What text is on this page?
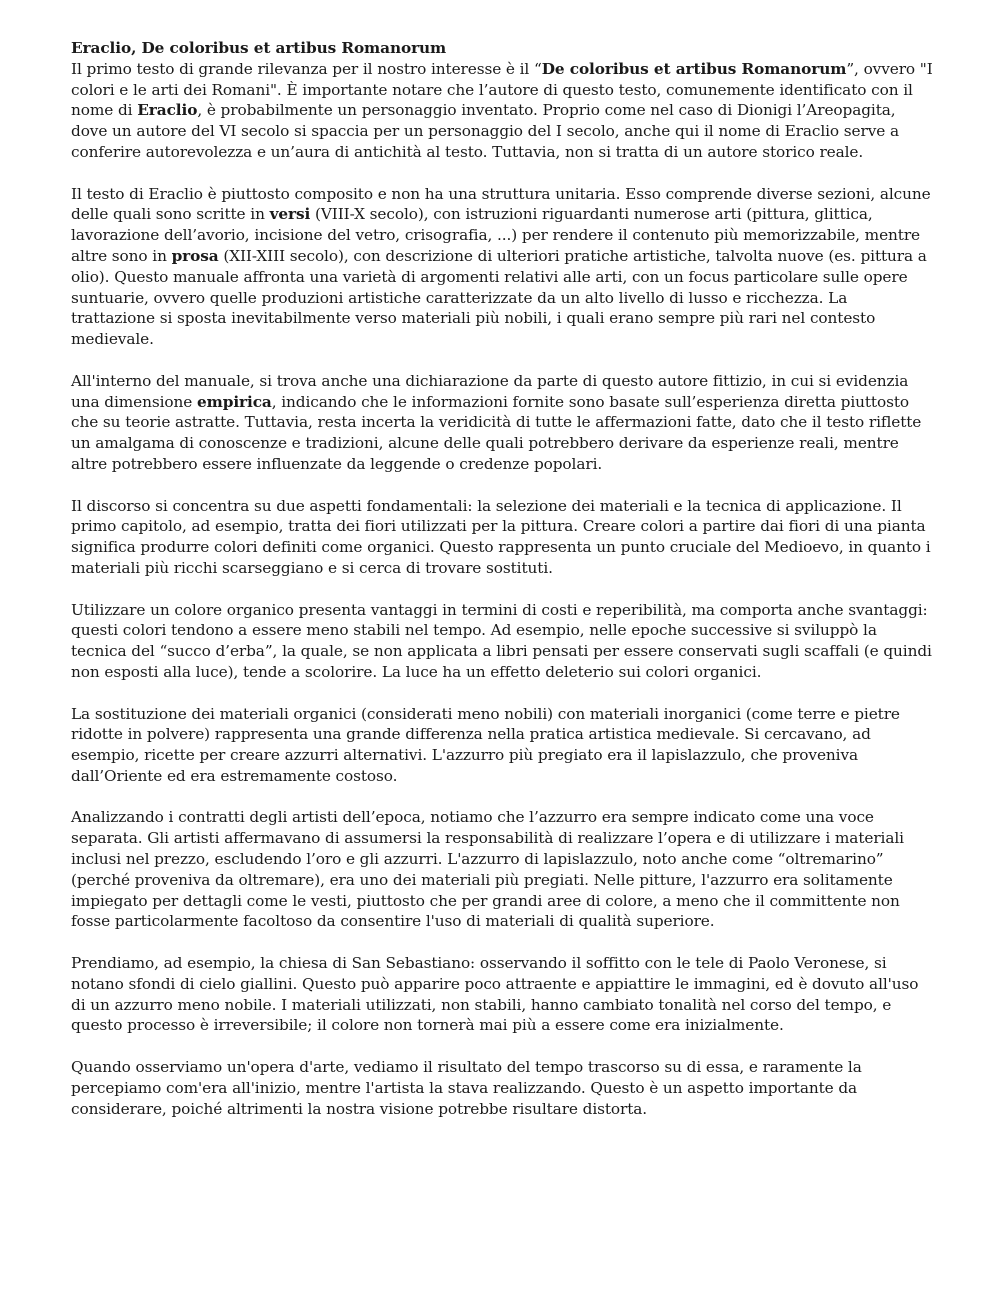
Eraclio, De coloribus et artibus Romanorum

Il primo testo di grande rilevanza per il nostro interesse è il “De coloribus et artibus Romanorum”, ovvero "I colori e le arti dei Romani". È importante notare che l’autore di questo testo, comunemente identificato con il nome di Eraclio, è probabilmente un personaggio inventato. Proprio come nel caso di Dionigi l’Areopagita, dove un autore del VI secolo si spaccia per un personaggio del I secolo, anche qui il nome di Eraclio serve a conferire autorevolezza e un’aura di antichità al testo. Tuttavia, non si tratta di un autore storico reale.

Il testo di Eraclio è piuttosto composito e non ha una struttura unitaria. Esso comprende diverse sezioni, alcune delle quali sono scritte in versi (VIII-X secolo), con istruzioni riguardanti numerose arti (pittura, glittica, lavorazione dell’avorio, incisione del vetro, crisografia, ...) per rendere il contenuto più memorizzabile, mentre altre sono in prosa (XII-XIII secolo), con descrizione di ulteriori pratiche artistiche, talvolta nuove (es. pittura a olio). Questo manuale affronta una varietà di argomenti relativi alle arti, con un focus particolare sulle opere suntuarie, ovvero quelle produzioni artistiche caratterizzate da un alto livello di lusso e ricchezza. La trattazione si sposta inevitabilmente verso materiali più nobili, i quali erano sempre più rari nel contesto medievale.

All'interno del manuale, si trova anche una dichiarazione da parte di questo autore fittizio, in cui si evidenzia una dimensione empirica, indicando che le informazioni fornite sono basate sull’esperienza diretta piuttosto che su teorie astratte. Tuttavia, resta incerta la veridicità di tutte le affermazioni fatte, dato che il testo riflette un amalgama di conoscenze e tradizioni, alcune delle quali potrebbero derivare da esperienze reali, mentre altre potrebbero essere influenzate da leggende o credenze popolari.

Il discorso si concentra su due aspetti fondamentali: la selezione dei materiali e la tecnica di applicazione. Il primo capitolo, ad esempio, tratta dei fiori utilizzati per la pittura. Creare colori a partire dai fiori di una pianta significa produrre colori definiti come organici. Questo rappresenta un punto cruciale del Medioevo, in quanto i materiali più ricchi scarseggiano e si cerca di trovare sostituti.

Utilizzare un colore organico presenta vantaggi in termini di costi e reperibilità, ma comporta anche svantaggi: questi colori tendono a essere meno stabili nel tempo. Ad esempio, nelle epoche successive si sviluppò la tecnica del “succo d’erba”, la quale, se non applicata a libri pensati per essere conservati sugli scaffali (e quindi non esposti alla luce), tende a scolorire. La luce ha un effetto deleterio sui colori organici.

La sostituzione dei materiali organici (considerati meno nobili) con materiali inorganici (come terre e pietre ridotte in polvere) rappresenta una grande differenza nella pratica artistica medievale. Si cercavano, ad esempio, ricette per creare azzurri alternativi. L'azzurro più pregiato era il lapislazzulo, che proveniva dall’Oriente ed era estremamente costoso.

Analizzando i contratti degli artisti dell’epoca, notiamo che l’azzurro era sempre indicato come una voce separata. Gli artisti affermavano di assumersi la responsabilità di realizzare l’opera e di utilizzare i materiali inclusi nel prezzo, escludendo l’oro e gli azzurri. L'azzurro di lapislazzulo, noto anche come “oltremarino” (perché proveniva da oltremare), era uno dei materiali più pregiati. Nelle pitture, l'azzurro era solitamente impiegato per dettagli come le vesti, piuttosto che per grandi aree di colore, a meno che il committente non fosse particolarmente facoltoso da consentire l'uso di materiali di qualità superiore.

Prendiamo, ad esempio, la chiesa di San Sebastiano: osservando il soffitto con le tele di Paolo Veronese, si notano sfondi di cielo giallini. Questo può apparire poco attraente e appiattire le immagini, ed è dovuto all'uso di un azzurro meno nobile. I materiali utilizzati, non stabili, hanno cambiato tonalità nel corso del tempo, e questo processo è irreversibile; il colore non tornerà mai più a essere come era inizialmente.

Quando osserviamo un'opera d'arte, vediamo il risultato del tempo trascorso su di essa, e raramente la percepiamo com'era all'inizio, mentre l'artista la stava realizzando. Questo è un aspetto importante da considerare, poiché altrimenti la nostra visione potrebbe risultare distorta.
